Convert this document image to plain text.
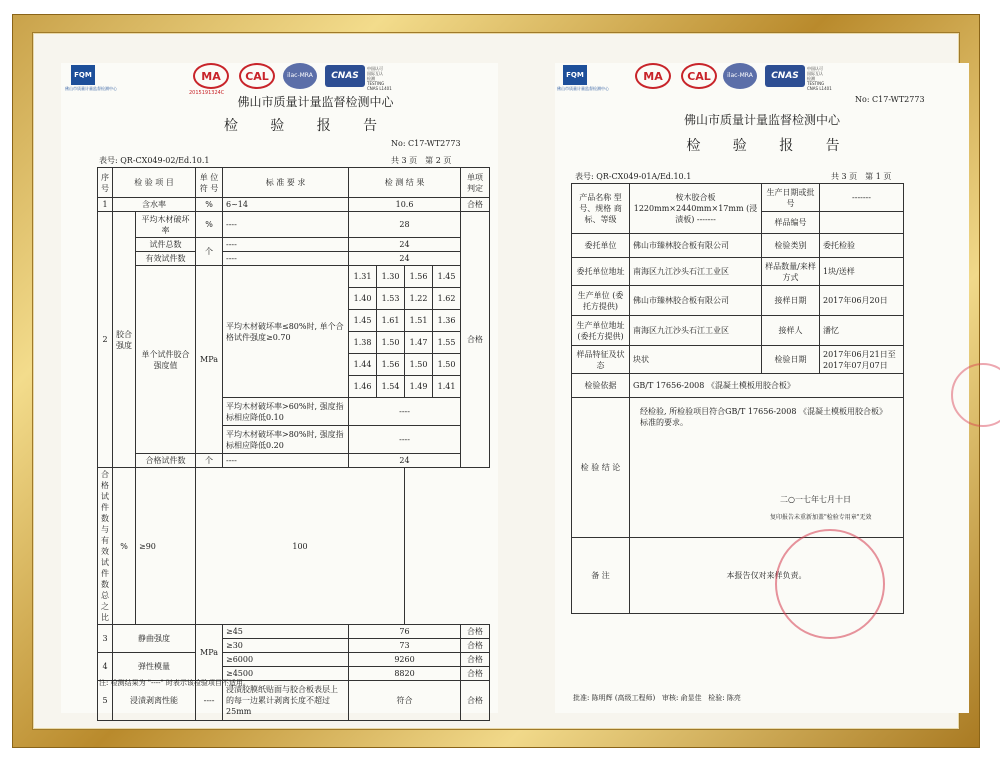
FQM
佛山市质量计量监督检测中心
MA
2015191324C
CAL	ilac-MRA	CNAS
中国认可
国际互认
检测
TESTING
CNAS L1401
佛山市质量计量监督检测中心
检 验 报 告
No: C17-WT2773
表号: QR-CX049-02/Ed.10.1	共 3 页　第 2 页
序号	检 验 项 目		单 位 符 号	标 准 要 求	检 测 结 果				单项 判定
1	含水率		%	6~14	10.6				合格
2	胶合强度	平均木材破坏率	%	----	28				合格
		试件总数	个	----	24				
		有效试件数		----	24				
		单个试件胶合强度值	MPa	平均木材破坏率≤80%时, 单个合格试件强度≥0.70	1.31	1.30	1.56	1.45	
					1.40	1.53	1.22	1.62	
					1.45	1.61	1.51	1.36	
					1.38	1.50	1.47	1.55	
					1.44	1.56	1.50	1.50	
					1.46	1.54	1.49	1.41	
				平均木材破坏率>60%时, 强度指标相应降低0.10	----				
				平均木材破坏率>80%时, 强度指标相应降低0.20	----				
		合格试件数	个	----	24				
合格试件数与有效试件数总之比	%	≥90	100						
3	静曲强度		MPa	≥45	76				合格
				≥30	73				合格
4	弹性模量			≥6000	9260				合格
				≥4500	8820				合格
5	浸渍剥离性能		----	浸渍胶膜纸贴面与胶合板表层上的每一边累计剥离长度不超过25mm	符合				合格
注: 检测结果为 "----" 时表示该检验项目不适用。
FQM
佛山市质量计量监督检测中心
MA	CAL	ilac-MRA	CNAS
中国认可
国际互认
检测
TESTING
CNAS L1401
No: C17-WT2773
佛山市质量计量监督检测中心
检 验 报 告
表号: QR-CX049-01A/Ed.10.1	共 3 页　第 1 页
产品名称 型号、规格 商标、等级	桉木胶合板 1220mm×2440mm×17mm (浸渍板) -------	生产日期或批号	-------
		样品编号	
委托单位	佛山市臻林胶合板有限公司	检验类别	委托检验
委托单位地址	南海区九江沙头石江工业区	样品数量/来样方式	1块/送样
生产单位 (委托方提供)	佛山市臻林胶合板有限公司	接样日期	2017年06月20日
生产单位地址 (委托方提供)	南海区九江沙头石江工业区	接样人	潘忆
样品特征及状态	块状	检验日期	2017年06月21日至2017年07月07日
检验依据	GB/T 17656-2008 《混凝土模板用胶合板》		
检 验 结 论	经检验, 所检验项目符合GB/T 17656-2008 《混凝土模板用胶合板》标准的要求。
二○一七年七月十日
复印报告未重新加盖"检验专用章"无效		

备 注	本报告仅对来样负责。		
批准: 陈明辉 (高级工程师) 审核: 俞显佳 检验: 陈亮
